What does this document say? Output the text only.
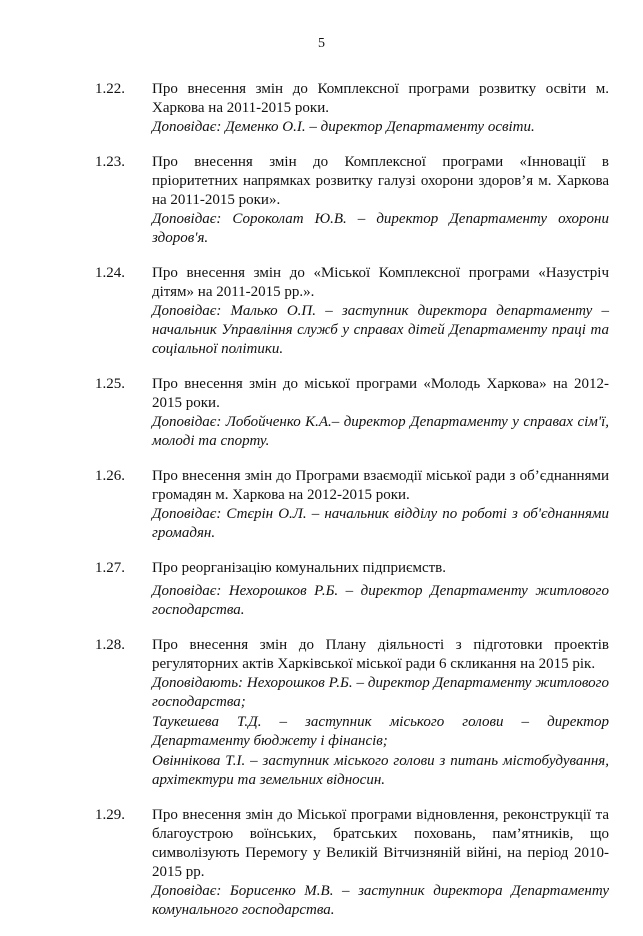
5
1.22.	Про внесення змін до Комплексної програми розвитку освіти м. Харкова на 2011-2015 роки.

Доповідає: Деменко О.І. – директор Департаменту освіти.

1.23.	Про внесення змін до Комплексної програми «Інновації в пріоритетних напрямках розвитку галузі охорони здоров’я м. Харкова на 2011-2015 роки».

Доповідає: Сороколат Ю.В. – директор Департаменту охорони здоров'я.

1.24.	Про внесення змін до «Міської Комплексної програми «Назустріч дітям» на 2011-2015 рр.».

Доповідає: Малько О.П. – заступник директора департаменту – начальник Управління служб у справах дітей Департаменту праці та соціальної політики.

1.25.	Про внесення змін до міської програми «Молодь Харкова» на 2012-2015 роки.

Доповідає: Лобойченко К.А.– директор Департаменту у справах сім'ї, молоді та спорту.

1.26.	Про внесення змін до Програми взаємодії міської ради з об’єднаннями громадян м. Харкова на 2012-2015 роки.

Доповідає: Стєрін О.Л. – начальник відділу по роботі з об'єднаннями громадян.

1.27.	Про реорганізацію комунальних підприємств.

Доповідає: Нехорошков Р.Б. – директор Департаменту житлового господарства.

1.28.	Про внесення змін до Плану діяльності з підготовки проектів регуляторних актів Харківської міської ради 6 скликання на 2015 рік.

Доповідають: Нехорошков Р.Б. – директор Департаменту житлового господарства;

Таукешева Т.Д. – заступник міського голови – директор Департаменту бюджету і фінансів;

Овіннікова Т.І. – заступник міського голови з питань містобудування, архітектури та земельних відносин.

1.29.	Про внесення змін до Міської програми відновлення, реконструкції та благоустрою воїнських, братських поховань, пам’ятників, що символізують Перемогу у Великій Вітчизняній війні, на період 2010-2015 рр.

Доповідає: Борисенко М.В. – заступник директора Департаменту комунального господарства.
